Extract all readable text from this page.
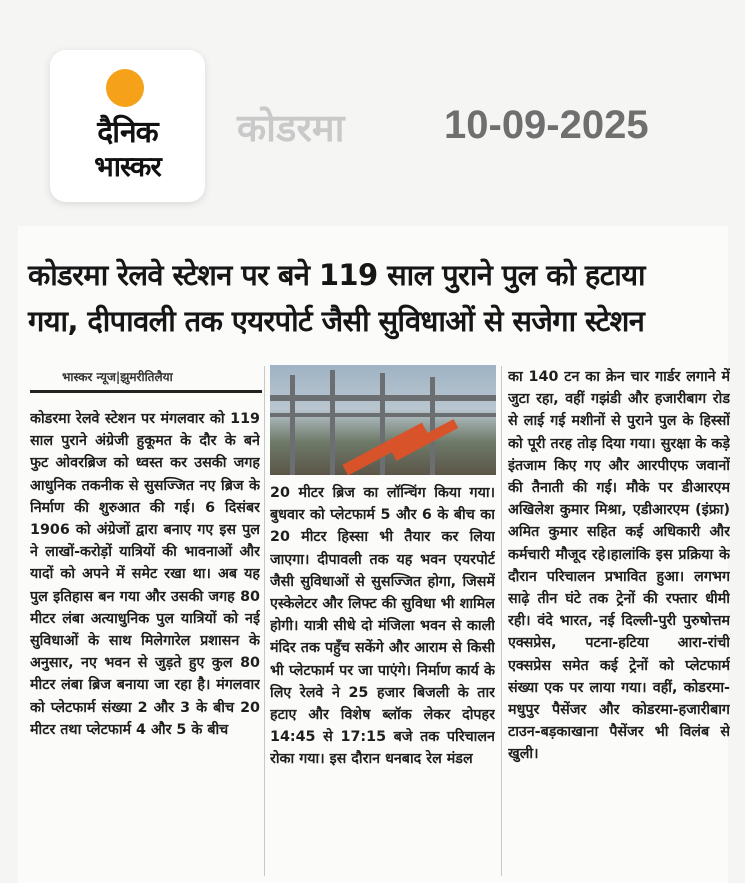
दैनिक
भास्कर
कोडरमा 10-09-2025
कोडरमा रेलवे स्टेशन पर बने 119 साल पुराने पुल को हटाया
गया, दीपावली तक एयरपोर्ट जैसी सुविधाओं से सजेगा स्टेशन
भास्कर न्यूज|झुमरीतिलैया
कोडरमा रेलवे स्टेशन पर मंगलवार को 119 साल पुराने अंग्रेजी हुकूमत के दौर के बने फुट ओवरब्रिज को ध्वस्त कर उसकी जगह आधुनिक तकनीक से सुसज्जित नए ब्रिज के निर्माण की शुरुआत की गई। 6 दिसंबर 1906 को अंग्रेजों द्वारा बनाए गए इस पुल ने लाखों-करोड़ों यात्रियों की भावनाओं और यादों को अपने में समेट रखा था। अब यह पुल इतिहास बन गया और उसकी जगह 80 मीटर लंबा अत्याधुनिक पुल यात्रियों को नई सुविधाओं के साथ मिलेगारेल प्रशासन के अनुसार, नए भवन से जुड़ते हुए कुल 80 मीटर लंबा ब्रिज बनाया जा रहा है। मंगलवार को प्लेटफार्म संख्या 2 और 3 के बीच 20 मीटर तथा प्लेटफार्म 4 और 5 के बीच
20 मीटर ब्रिज का लॉन्चिंग किया गया। बुधवार को प्लेटफार्म 5 और 6 के बीच का 20 मीटर हिस्सा भी तैयार कर लिया जाएगा। दीपावली तक यह भवन एयरपोर्ट जैसी सुविधाओं से सुसज्जित होगा, जिसमें एस्केलेटर और लिफ्ट की सुविधा भी शामिल होगी। यात्री सीधे दो मंजिला भवन से काली मंदिर तक पहुँच सकेंगे और आराम से किसी भी प्लेटफार्म पर जा पाएंगे। निर्माण कार्य के लिए रेलवे ने 25 हजार बिजली के तार हटाए और विशेष ब्लॉक लेकर दोपहर 14:45 से 17:15 बजे तक परिचालन रोका गया। इस दौरान धनबाद रेल मंडल
का 140 टन का क्रेन चार गार्डर लगाने में जुटा रहा, वहीं गझंडी और हजारीबाग रोड से लाई गई मशीनों से पुराने पुल के हिस्सों को पूरी तरह तोड़ दिया गया। सुरक्षा के कड़े इंतजाम किए गए और आरपीएफ जवानों की तैनाती की गई। मौके पर डीआरएम अखिलेश कुमार मिश्रा, एडीआरएम (इंफ्रा) अमित कुमार सहित कई अधिकारी और कर्मचारी मौजूद रहे।हालांकि इस प्रक्रिया के दौरान परिचालन प्रभावित हुआ। लगभग साढ़े तीन घंटे तक ट्रेनों की रफ्तार धीमी रही। वंदे भारत, नई दिल्ली-पुरी पुरुषोत्तम एक्सप्रेस, पटना-हटिया आरा-रांची एक्सप्रेस समेत कई ट्रेनों को प्लेटफार्म संख्या एक पर लाया गया। वहीं, कोडरमा-मधुपुर पैसेंजर और कोडरमा-हजारीबाग टाउन-बड़काखाना पैसेंजर भी विलंब से खुली।
